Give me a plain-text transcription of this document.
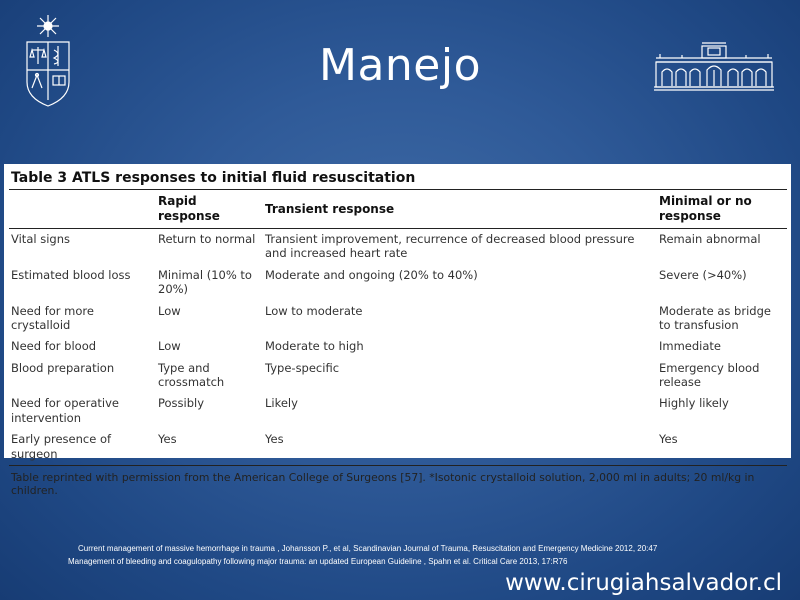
Manejo
Table 3 ATLS responses to initial fluid resuscitation
	Rapid response	Transient response	Minimal or no response
Vital signs	Return to normal	Transient improvement, recurrence of decreased blood pressure and increased heart rate	Remain abnormal
Estimated blood loss	Minimal (10% to 20%)	Moderate and ongoing (20% to 40%)	Severe (>40%)
Need for more crystalloid	Low	Low to moderate	Moderate as bridge to transfusion
Need for blood	Low	Moderate to high	Immediate
Blood preparation	Type and crossmatch	Type-specific	Emergency blood release
Need for operative intervention	Possibly	Likely	Highly likely
Early presence of surgeon	Yes	Yes	Yes
Table reprinted with permission from the American College of Surgeons [57]. *Isotonic crystalloid solution, 2,000 ml in adults; 20 ml/kg in children.
Current management of massive hemorrhage in trauma , Johansson P., et al, Scandinavian Journal of Trauma, Resuscitation and Emergency Medicine 2012, 20:47
Management of bleeding and coagulopathy following major trauma: an updated European Guideline , Spahn et al. Critical Care 2013, 17:R76
www.cirugiahsalvador.cl
